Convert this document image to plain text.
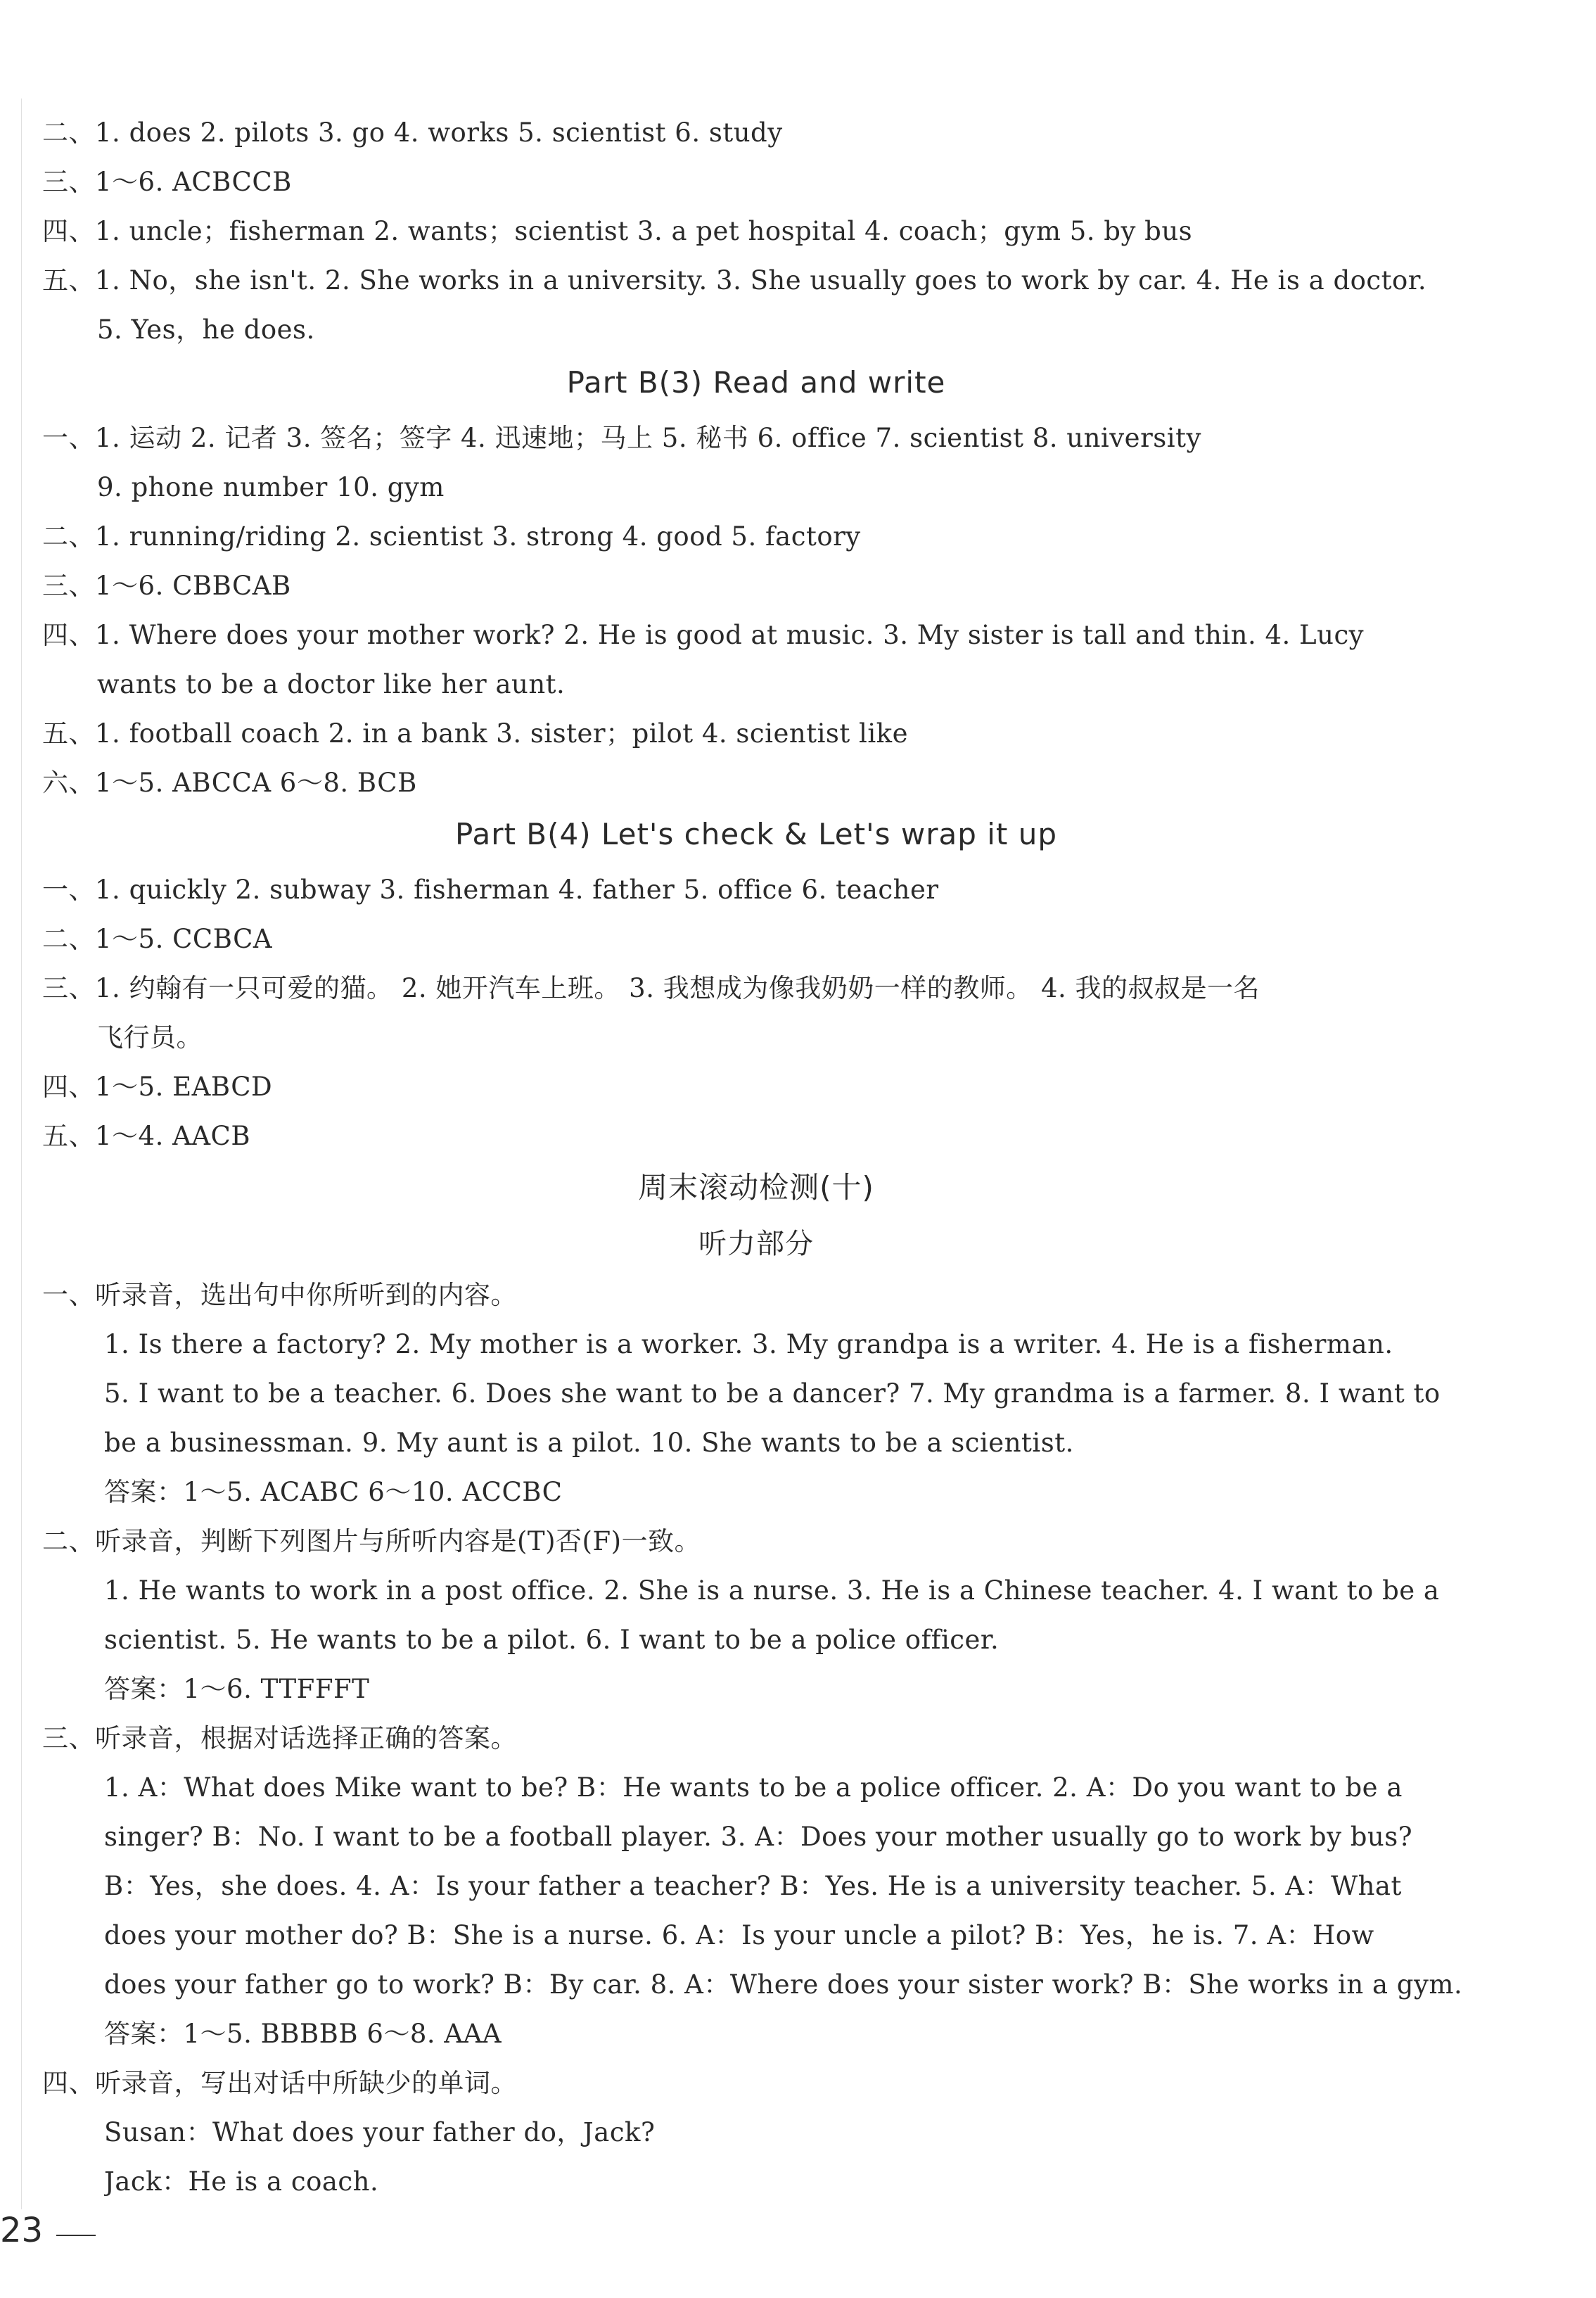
二、1. does 2. pilots 3. go 4. works 5. scientist 6. study
三、1～6. ACBCCB
四、1. uncle；fisherman 2. wants；scientist 3. a pet hospital 4. coach；gym 5. by bus
五、1. No，she isn't. 2. She works in a university. 3. She usually goes to work by car. 4. He is a doctor.
5. Yes，he does.
Part B(3) Read and write
一、1. 运动 2. 记者 3. 签名；签字 4. 迅速地；马上 5. 秘书 6. office 7. scientist 8. university
9. phone number 10. gym
二、1. running/riding 2. scientist 3. strong 4. good 5. factory
三、1～6. CBBCAB
四、1. Where does your mother work? 2. He is good at music. 3. My sister is tall and thin. 4. Lucy
wants to be a doctor like her aunt.
五、1. football coach 2. in a bank 3. sister；pilot 4. scientist like
六、1～5. ABCCA 6～8. BCB
Part B(4) Let's check & Let's wrap it up
一、1. quickly 2. subway 3. fisherman 4. father 5. office 6. teacher
二、1～5. CCBCA
三、1. 约翰有一只可爱的猫。 2. 她开汽车上班。 3. 我想成为像我奶奶一样的教师。 4. 我的叔叔是一名
飞行员。
四、1～5. EABCD
五、1～4. AACB
周末滚动检测(十)
听力部分
一、听录音，选出句中你所听到的内容。
1. Is there a factory? 2. My mother is a worker. 3. My grandpa is a writer. 4. He is a fisherman.
5. I want to be a teacher. 6. Does she want to be a dancer? 7. My grandma is a farmer. 8. I want to
be a businessman. 9. My aunt is a pilot. 10. She wants to be a scientist.
答案：1～5. ACABC 6～10. ACCBC
二、听录音，判断下列图片与所听内容是(T)否(F)一致。
1. He wants to work in a post office. 2. She is a nurse. 3. He is a Chinese teacher. 4. I want to be a
scientist. 5. He wants to be a pilot. 6. I want to be a police officer.
答案：1～6. TTFFFT
三、听录音，根据对话选择正确的答案。
1. A：What does Mike want to be? B：He wants to be a police officer. 2. A：Do you want to be a
singer? B：No. I want to be a football player. 3. A：Does your mother usually go to work by bus?
B：Yes，she does. 4. A：Is your father a teacher? B：Yes. He is a university teacher. 5. A：What
does your mother do? B：She is a nurse. 6. A：Is your uncle a pilot? B：Yes，he is. 7. A：How
does your father go to work? B：By car. 8. A：Where does your sister work? B：She works in a gym.
答案：1～5. BBBBB 6～8. AAA
四、听录音，写出对话中所缺少的单词。
Susan：What does your father do，Jack?
Jack：He is a coach.
23
